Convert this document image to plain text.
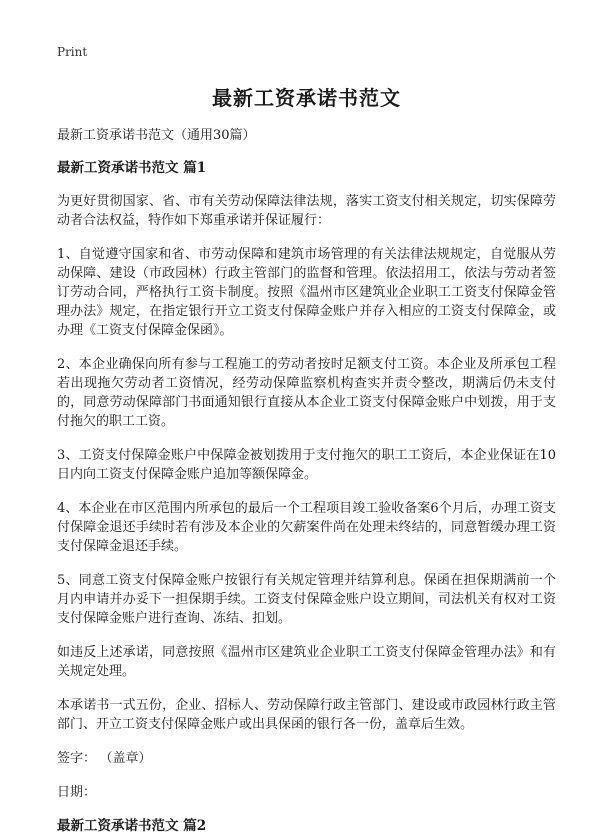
Print
最新工资承诺书范文
最新工资承诺书范文（通用30篇）
最新工资承诺书范文 篇1

为更好贯彻国家、省、市有关劳动保障法律法规，落实工资支付相关规定，切实保障劳动者合法权益，特作如下郑重承诺并保证履行：

1、自觉遵守国家和省、市劳动保障和建筑市场管理的有关法律法规规定，自觉服从劳动保障、建设（市政园林）行政主管部门的监督和管理。依法招用工，依法与劳动者签订劳动合同，严格执行工资卡制度。按照《温州市区建筑业企业职工工资支付保障金管理办法》规定，在指定银行开立工资支付保障金账户并存入相应的工资支付保障金，或办理《工资支付保障金保函》。

2、本企业确保向所有参与工程施工的劳动者按时足额支付工资。本企业及所承包工程若出现拖欠劳动者工资情况，经劳动保障监察机构查实并责令整改，期满后仍未支付的，同意劳动保障部门书面通知银行直接从本企业工资支付保障金账户中划拨，用于支付拖欠的职工工资。

3、工资支付保障金账户中保障金被划拨用于支付拖欠的职工工资后，本企业保证在10日内向工资支付保障金账户追加等额保障金。

4、本企业在市区范围内所承包的最后一个工程项目竣工验收备案6个月后，办理工资支付保障金退还手续时若有涉及本企业的欠薪案件尚在处理未终结的，同意暂缓办理工资支付保障金退还手续。

5、同意工资支付保障金账户按银行有关规定管理并结算利息。保函在担保期满前一个月内申请并办妥下一担保期手续。工资支付保障金账户设立期间，司法机关有权对工资支付保障金账户进行查询、冻结、扣划。

如违反上述承诺，同意按照《温州市区建筑业企业职工工资支付保障金管理办法》和有关规定处理。

本承诺书一式五份，企业、招标人、劳动保障行政主管部门、建设或市政园林行政主管部门、开立工资支付保障金账户或出具保函的银行各一份，盖章后生效。

签字： （盖章）
日期：
最新工资承诺书范文 篇2
